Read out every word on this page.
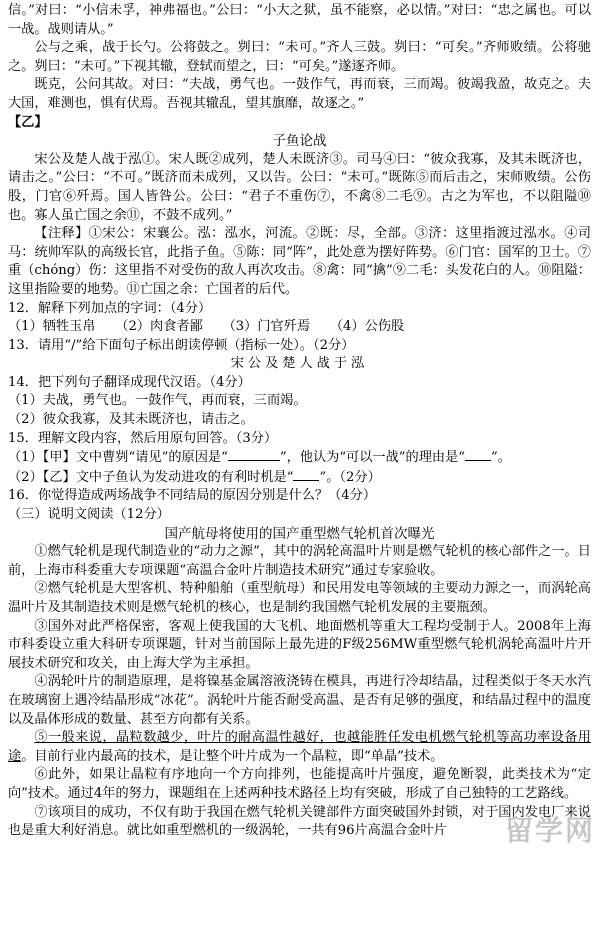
信。”对曰：“小信未孚，神弗福也。”公曰：“小大之狱，虽不能察，必以情。”对曰：“忠之属也。可以一战。战则请从。”

公与之乘，战于长勺。公将鼓之。刿曰：“未可。”齐人三鼓。刿曰：“可矣。”齐师败绩。公将驰之。刿曰：“未可。”下视其辙，登轼而望之，曰：“可矣。”遂逐齐师。

既克，公问其故。对曰：“夫战，勇气也。一鼓作气，再而衰，三而竭。彼竭我盈，故克之。夫大国，难测也，惧有伏焉。吾视其辙乱，望其旗靡，故逐之。”

【乙】

子鱼论战

宋公及楚人战于泓①。宋人既②成列，楚人未既济③。司马④曰：“彼众我寡，及其未既济也，请击之。”公曰：“不可。”既济而未成列，又以告。公曰：“未可。”既陈⑤而后击之，宋师败绩。公伤股，门官⑥歼焉。国人皆咎公。公曰：“君子不重伤⑦，不禽⑧二毛⑨。古之为军也，不以阻隘⑩也。寡人虽亡国之余⑪，不鼓不成列。”

【注释】①宋公：宋襄公。泓：泓水，河流。②既：尽，全部。③济：这里指渡过泓水。④司马：统帅军队的高级长官，此指子鱼。⑤陈：同“阵”，此处意为摆好阵势。⑥门官：国军的卫士。⑦重（chóng）伤：这里指不对受伤的敌人再次攻击。⑧禽：同“擒”⑨二毛：头发花白的人。⑩阻隘：这里指险要的地势。⑪亡国之余：亡国者的后代。

12．解释下列加点的字词：（4分）

（1）牺牲玉帛　　（2）肉食者鄙　　（3）门官歼焉　　（4）公伤股

13．请用“/”给下面句子标出朗读停顿（指标一处）。（2分）

宋公及楚人战于泓

14．把下列句子翻译成现代汉语。（4分）

（1）夫战，勇气也。一鼓作气，再而衰，三而竭。

（2）彼众我寡，及其未既济也，请击之。

15．理解文段内容，然后用原句回答。（3分）

（1）【甲】文中曹刿“请见”的原因是“	”，他认为“可以一战”的理由是“ ”。

（2）【乙】文中子鱼认为发动进攻的有利时机是“ ”。（2分）

16．你觉得造成两场战争不同结局的原因分别是什么？（4分）

（三）说明文阅读（12分）

国产航母将使用的国产重型燃气轮机首次曝光

①燃气轮机是现代制造业的“动力之源”，其中的涡轮高温叶片则是燃气轮机的核心部件之一。日前，上海市科委重大专项课题“高温合金叶片制造技术研究”通过专家验收。

②燃气轮机是大型客机、特种船舶（重型航母）和民用发电等领域的主要动力源之一，而涡轮高温叶片及其制造技术则是燃气轮机的核心，也是制约我国燃气轮机发展的主要瓶颈。

③国外对此严格保密，客观上使我国的大飞机、地面燃机等重大工程均受制于人。2008年上海市科委设立重大科研专项课题，针对当前国际上最先进的F级256MW重型燃气轮机涡轮高温叶片开展技术研究和攻关，由上海大学为主承担。

④涡轮叶片的制造原理，是将镍基金属溶液浇铸在模具，再进行冷却结晶，过程类似于冬天水汽在玻璃窗上遇冷结晶形成“冰花”。涡轮叶片能否耐受高温、是否有足够的强度，和结晶过程中的温度以及晶体形成的数量、甚至方向都有关系。

⑤一般来说，晶粒数越少，叶片的耐高温性越好，也越能胜任发电机燃气轮机等高功率设备用途。目前行业内最高的技术，是让整个叶片成为一个晶粒，即“单晶”技术。

⑥此外，如果让晶粒有序地向一个方向排列，也能提高叶片强度，避免断裂，此类技术为“定向”技术。通过4年的努力，课题组在上述两种技术路径上均有突破，形成了自己独特的工艺路线。

⑦该项目的成功，不仅有助于我国在燃气轮机关键部件方面突破国外封锁，对于国内发电厂来说也是重大利好消息。就比如重型燃机的一级涡轮，一共有96片高温合金叶片	留学网
